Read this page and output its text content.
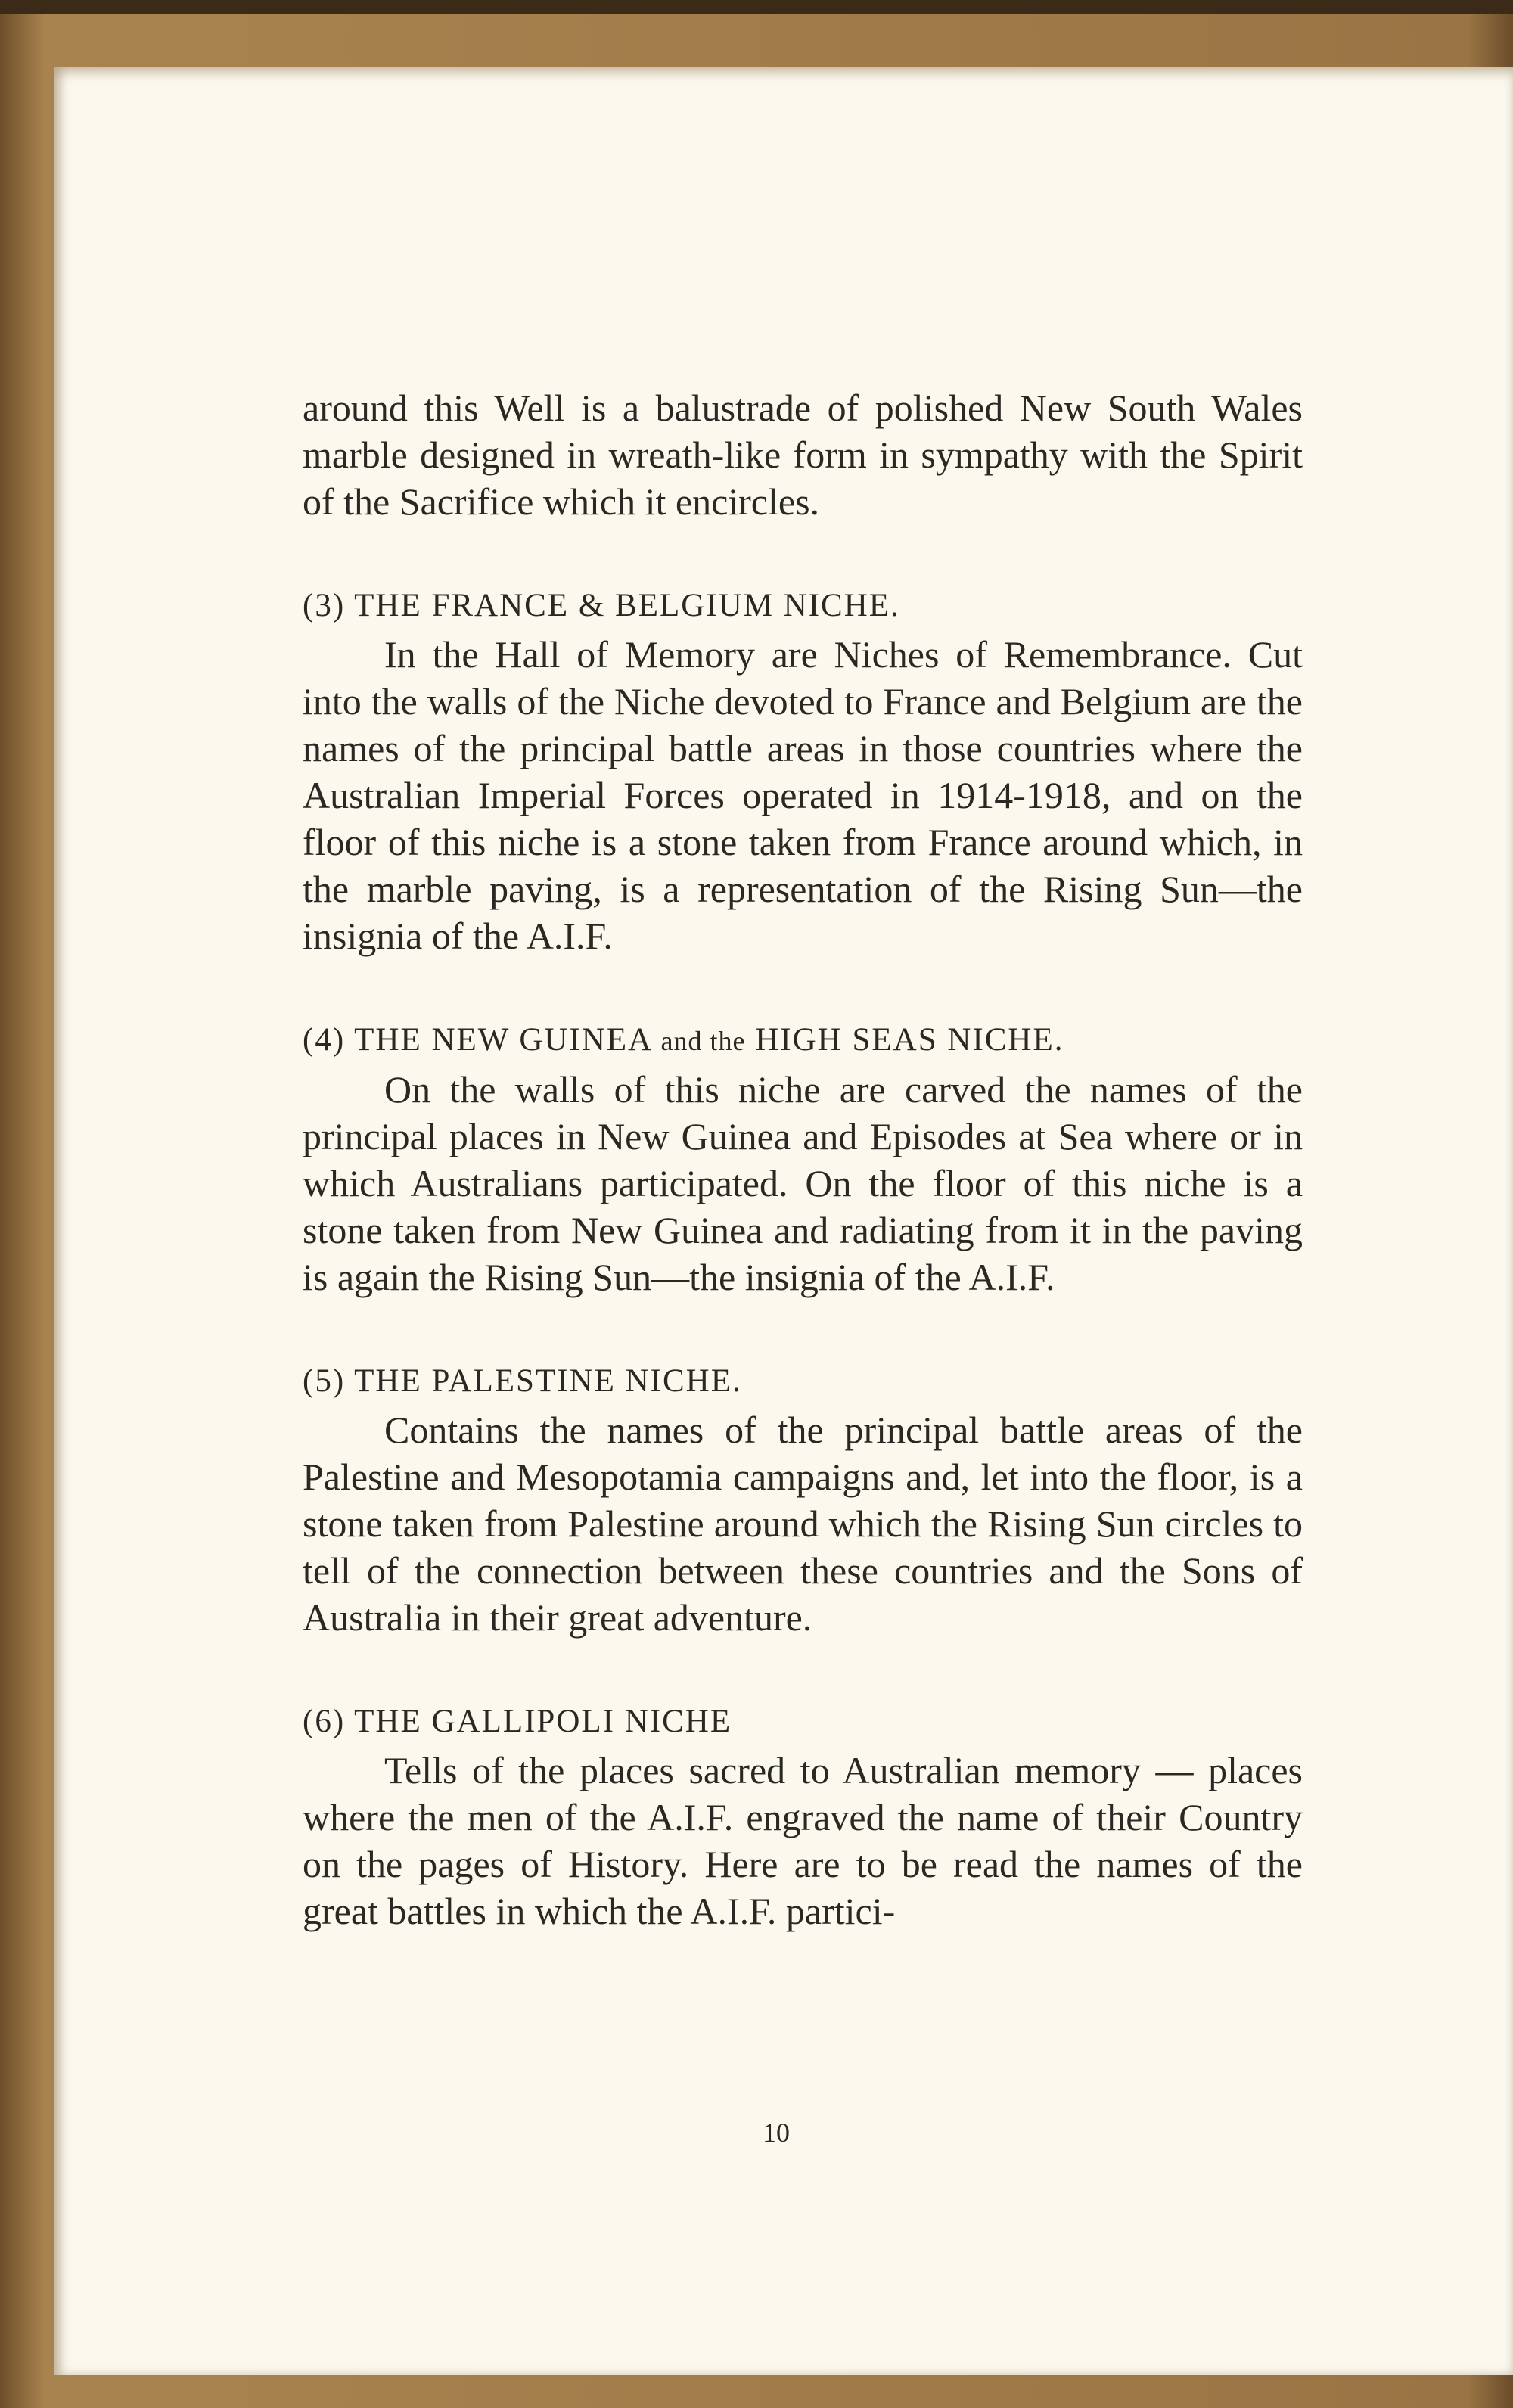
around this Well is a balustrade of polished New South Wales marble designed in wreath-like form in sympathy with the Spirit of the Sacrifice which it encircles.

(3) THE FRANCE & BELGIUM NICHE.

In the Hall of Memory are Niches of Remembrance. Cut into the walls of the Niche devoted to France and Belgium are the names of the principal battle areas in those countries where the Australian Imperial Forces operated in 1914-1918, and on the floor of this niche is a stone taken from France around which, in the marble paving, is a representation of the Rising Sun—the insignia of the A.I.F.

(4) THE NEW GUINEA and the HIGH SEAS NICHE.

On the walls of this niche are carved the names of the principal places in New Guinea and Episodes at Sea where or in which Australians participated. On the floor of this niche is a stone taken from New Guinea and radiating from it in the paving is again the Rising Sun—the insignia of the A.I.F.

(5) THE PALESTINE NICHE.

Contains the names of the principal battle areas of the Palestine and Mesopotamia campaigns and, let into the floor, is a stone taken from Palestine around which the Rising Sun circles to tell of the connection between these countries and the Sons of Australia in their great adventure.

(6) THE GALLIPOLI NICHE

Tells of the places sacred to Australian memory — places where the men of the A.I.F. engraved the name of their Country on the pages of History. Here are to be read the names of the great battles in which the A.I.F. partici-

10
